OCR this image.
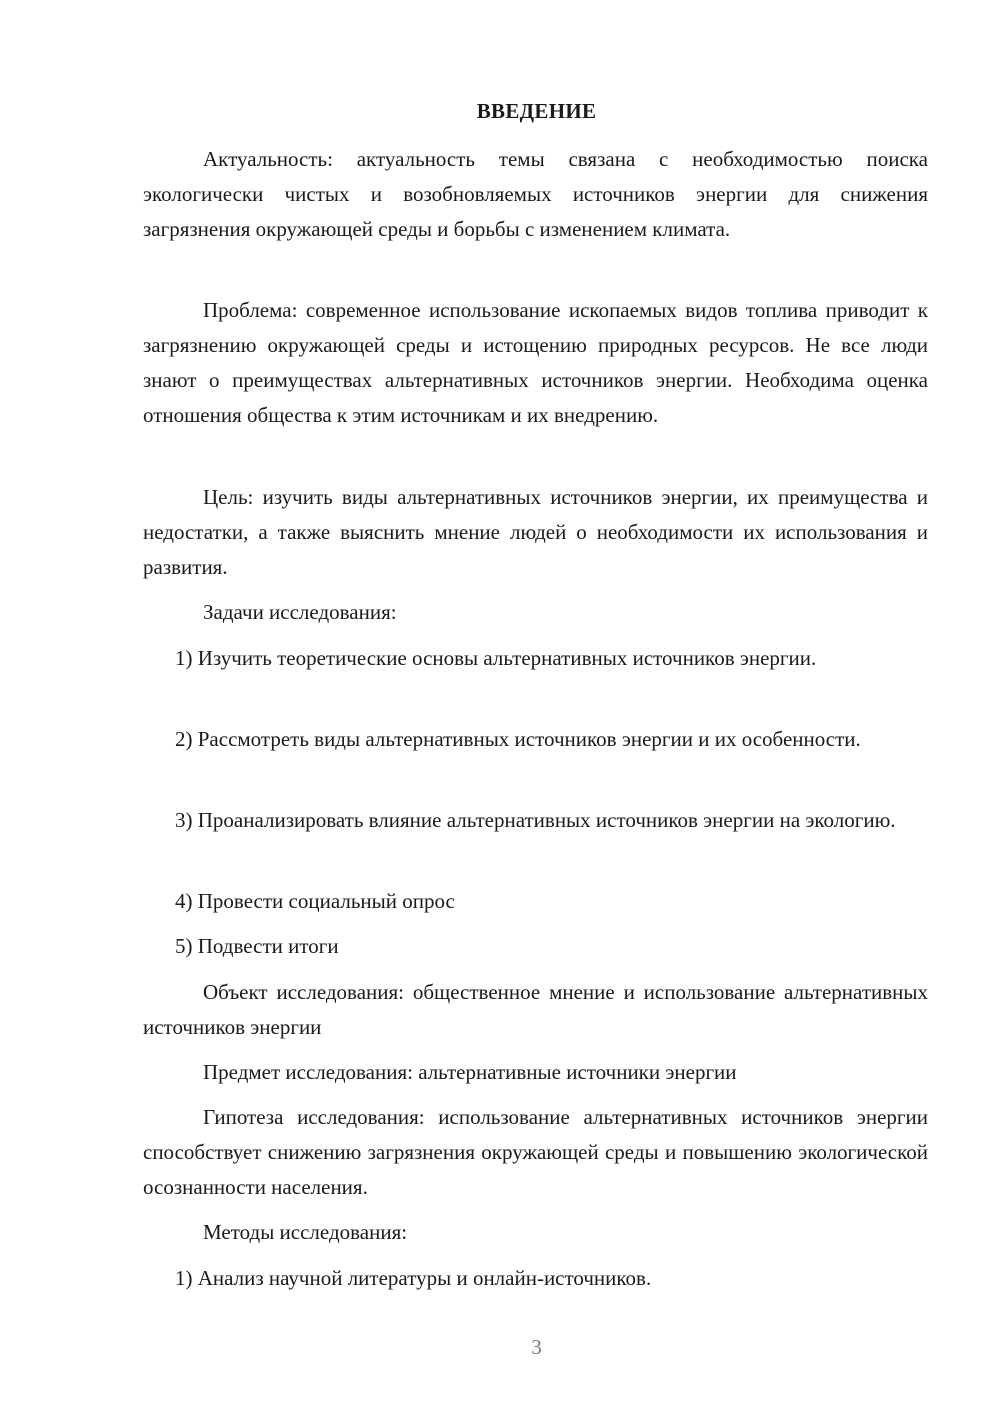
ВВЕДЕНИЕ

Актуальность: актуальность темы связана с необходимостью поиска экологически чистых и возобновляемых источников энергии для снижения загрязнения окружающей среды и борьбы с изменением климата.

Проблема: современное использование ископаемых видов топлива приводит к загрязнению окружающей среды и истощению природных ресурсов. Не все люди знают о преимуществах альтернативных источников энергии. Необходима оценка отношения общества к этим источникам и их внедрению.

Цель: изучить виды альтернативных источников энергии, их преимущества и недостатки, а также выяснить мнение людей о необходимости их использования и развития.

Задачи исследования:

1) Изучить теоретические основы альтернативных источников энергии.

2) Рассмотреть виды альтернативных источников энергии и их особенности.

3) Проанализировать влияние альтернативных источников энергии на экологию.

4) Провести социальный опрос

5) Подвести итоги

Объект исследования: общественное мнение и использование альтернативных источников энергии

Предмет исследования: альтернативные источники энергии

Гипотеза исследования: использование альтернативных источников энергии способствует снижению загрязнения окружающей среды и повышению экологической осознанности населения.

Методы исследования:

1) Анализ научной литературы и онлайн-источников.

3
